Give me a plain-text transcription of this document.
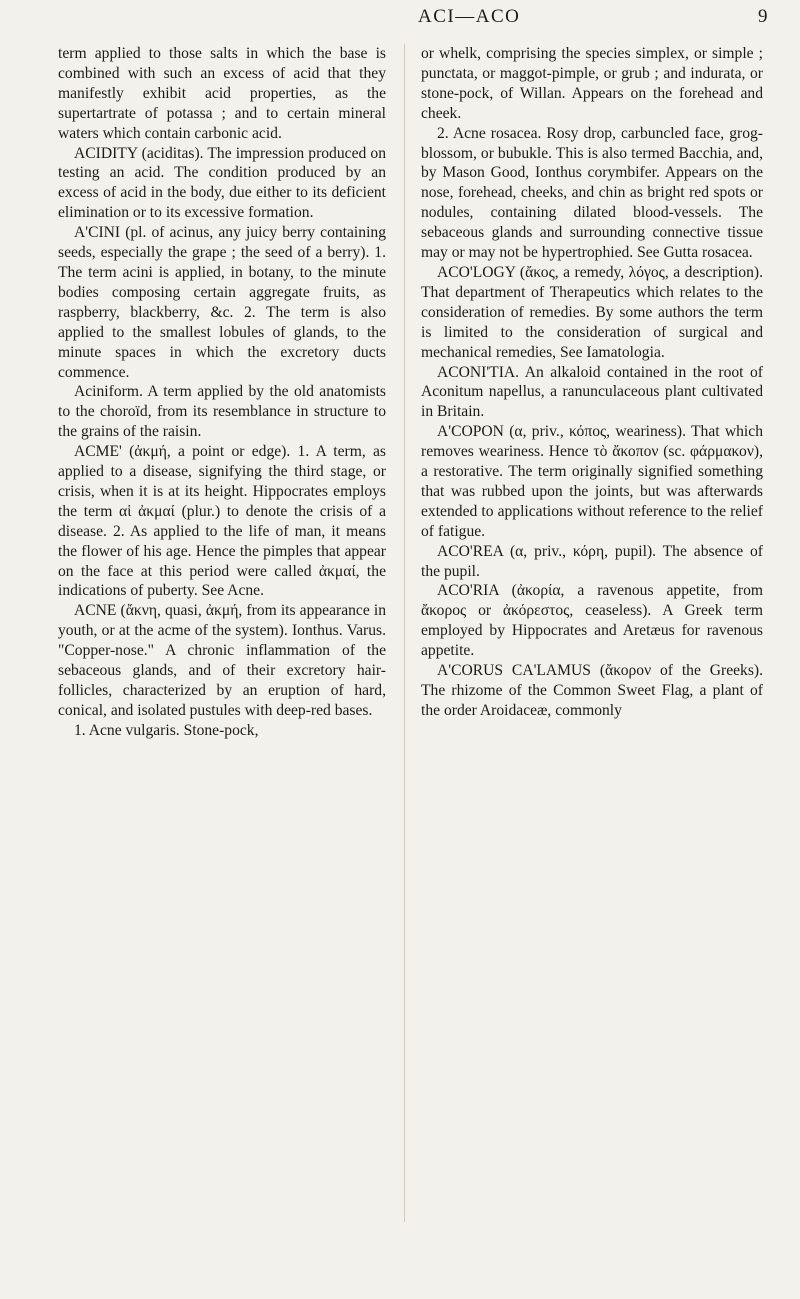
ACI—ACO	9

term applied to those salts in which the base is combined with such an excess of acid that they manifestly exhibit acid properties, as the supertartrate of potassa ; and to certain mineral waters which contain carbonic acid.

ACIDITY (aciditas). The impression produced on testing an acid. The condition produced by an excess of acid in the body, due either to its deficient elimination or to its excessive formation.

A'CINI (pl. of acinus, any juicy berry containing seeds, especially the grape ; the seed of a berry). 1. The term acini is applied, in botany, to the minute bodies composing certain aggregate fruits, as raspberry, blackberry, &c. 2. The term is also applied to the smallest lobules of glands, to the minute spaces in which the excretory ducts commence.

Aciniform. A term applied by the old anatomists to the choroïd, from its resemblance in structure to the grains of the raisin.

ACME' (ἀκμή, a point or edge). 1. A term, as applied to a disease, signifying the third stage, or crisis, when it is at its height. Hippocrates employs the term αἱ ἀκμαί (plur.) to denote the crisis of a disease. 2. As applied to the life of man, it means the flower of his age. Hence the pimples that appear on the face at this period were called ἀκμαί, the indications of puberty. See Acne.

ACNE (ἄκνη, quasi, ἀκμή, from its appearance in youth, or at the acme of the system). Ionthus. Varus. "Copper-nose." A chronic inflammation of the sebaceous glands, and of their excretory hair-follicles, characterized by an eruption of hard, conical, and isolated pustules with deep-red bases.

1. Acne vulgaris. Stone-pock,

or whelk, comprising the species simplex, or simple ; punctata, or maggot-pimple, or grub ; and indurata, or stone-pock, of Willan. Appears on the forehead and cheek.

2. Acne rosacea. Rosy drop, carbuncled face, grog-blossom, or bubukle. This is also termed Bacchia, and, by Mason Good, Ionthus corymbifer. Appears on the nose, forehead, cheeks, and chin as bright red spots or nodules, containing dilated blood-vessels. The sebaceous glands and surrounding connective tissue may or may not be hypertrophied. See Gutta rosacea.

ACO'LOGY (ἄκος, a remedy, λόγος, a description). That department of Therapeutics which relates to the consideration of remedies. By some authors the term is limited to the consideration of surgical and mechanical remedies, See Iamatologia.

ACONI'TIA. An alkaloid contained in the root of Aconitum napellus, a ranunculaceous plant cultivated in Britain.

A'COPON (α, priv., κόπος, weariness). That which removes weariness. Hence τὸ ἄκοπον (sc. φάρμακον), a restorative. The term originally signified something that was rubbed upon the joints, but was afterwards extended to applications without reference to the relief of fatigue.

ACO'REA (α, priv., κόρη, pupil). The absence of the pupil.

ACO'RIA (ἀκορία, a ravenous appetite, from ἄκορος or ἀκόρεστος, ceaseless). A Greek term employed by Hippocrates and Aretæus for ravenous appetite.

A'CORUS CA'LAMUS (ἄκορον of the Greeks). The rhizome of the Common Sweet Flag, a plant of the order Aroidaceæ, commonly
